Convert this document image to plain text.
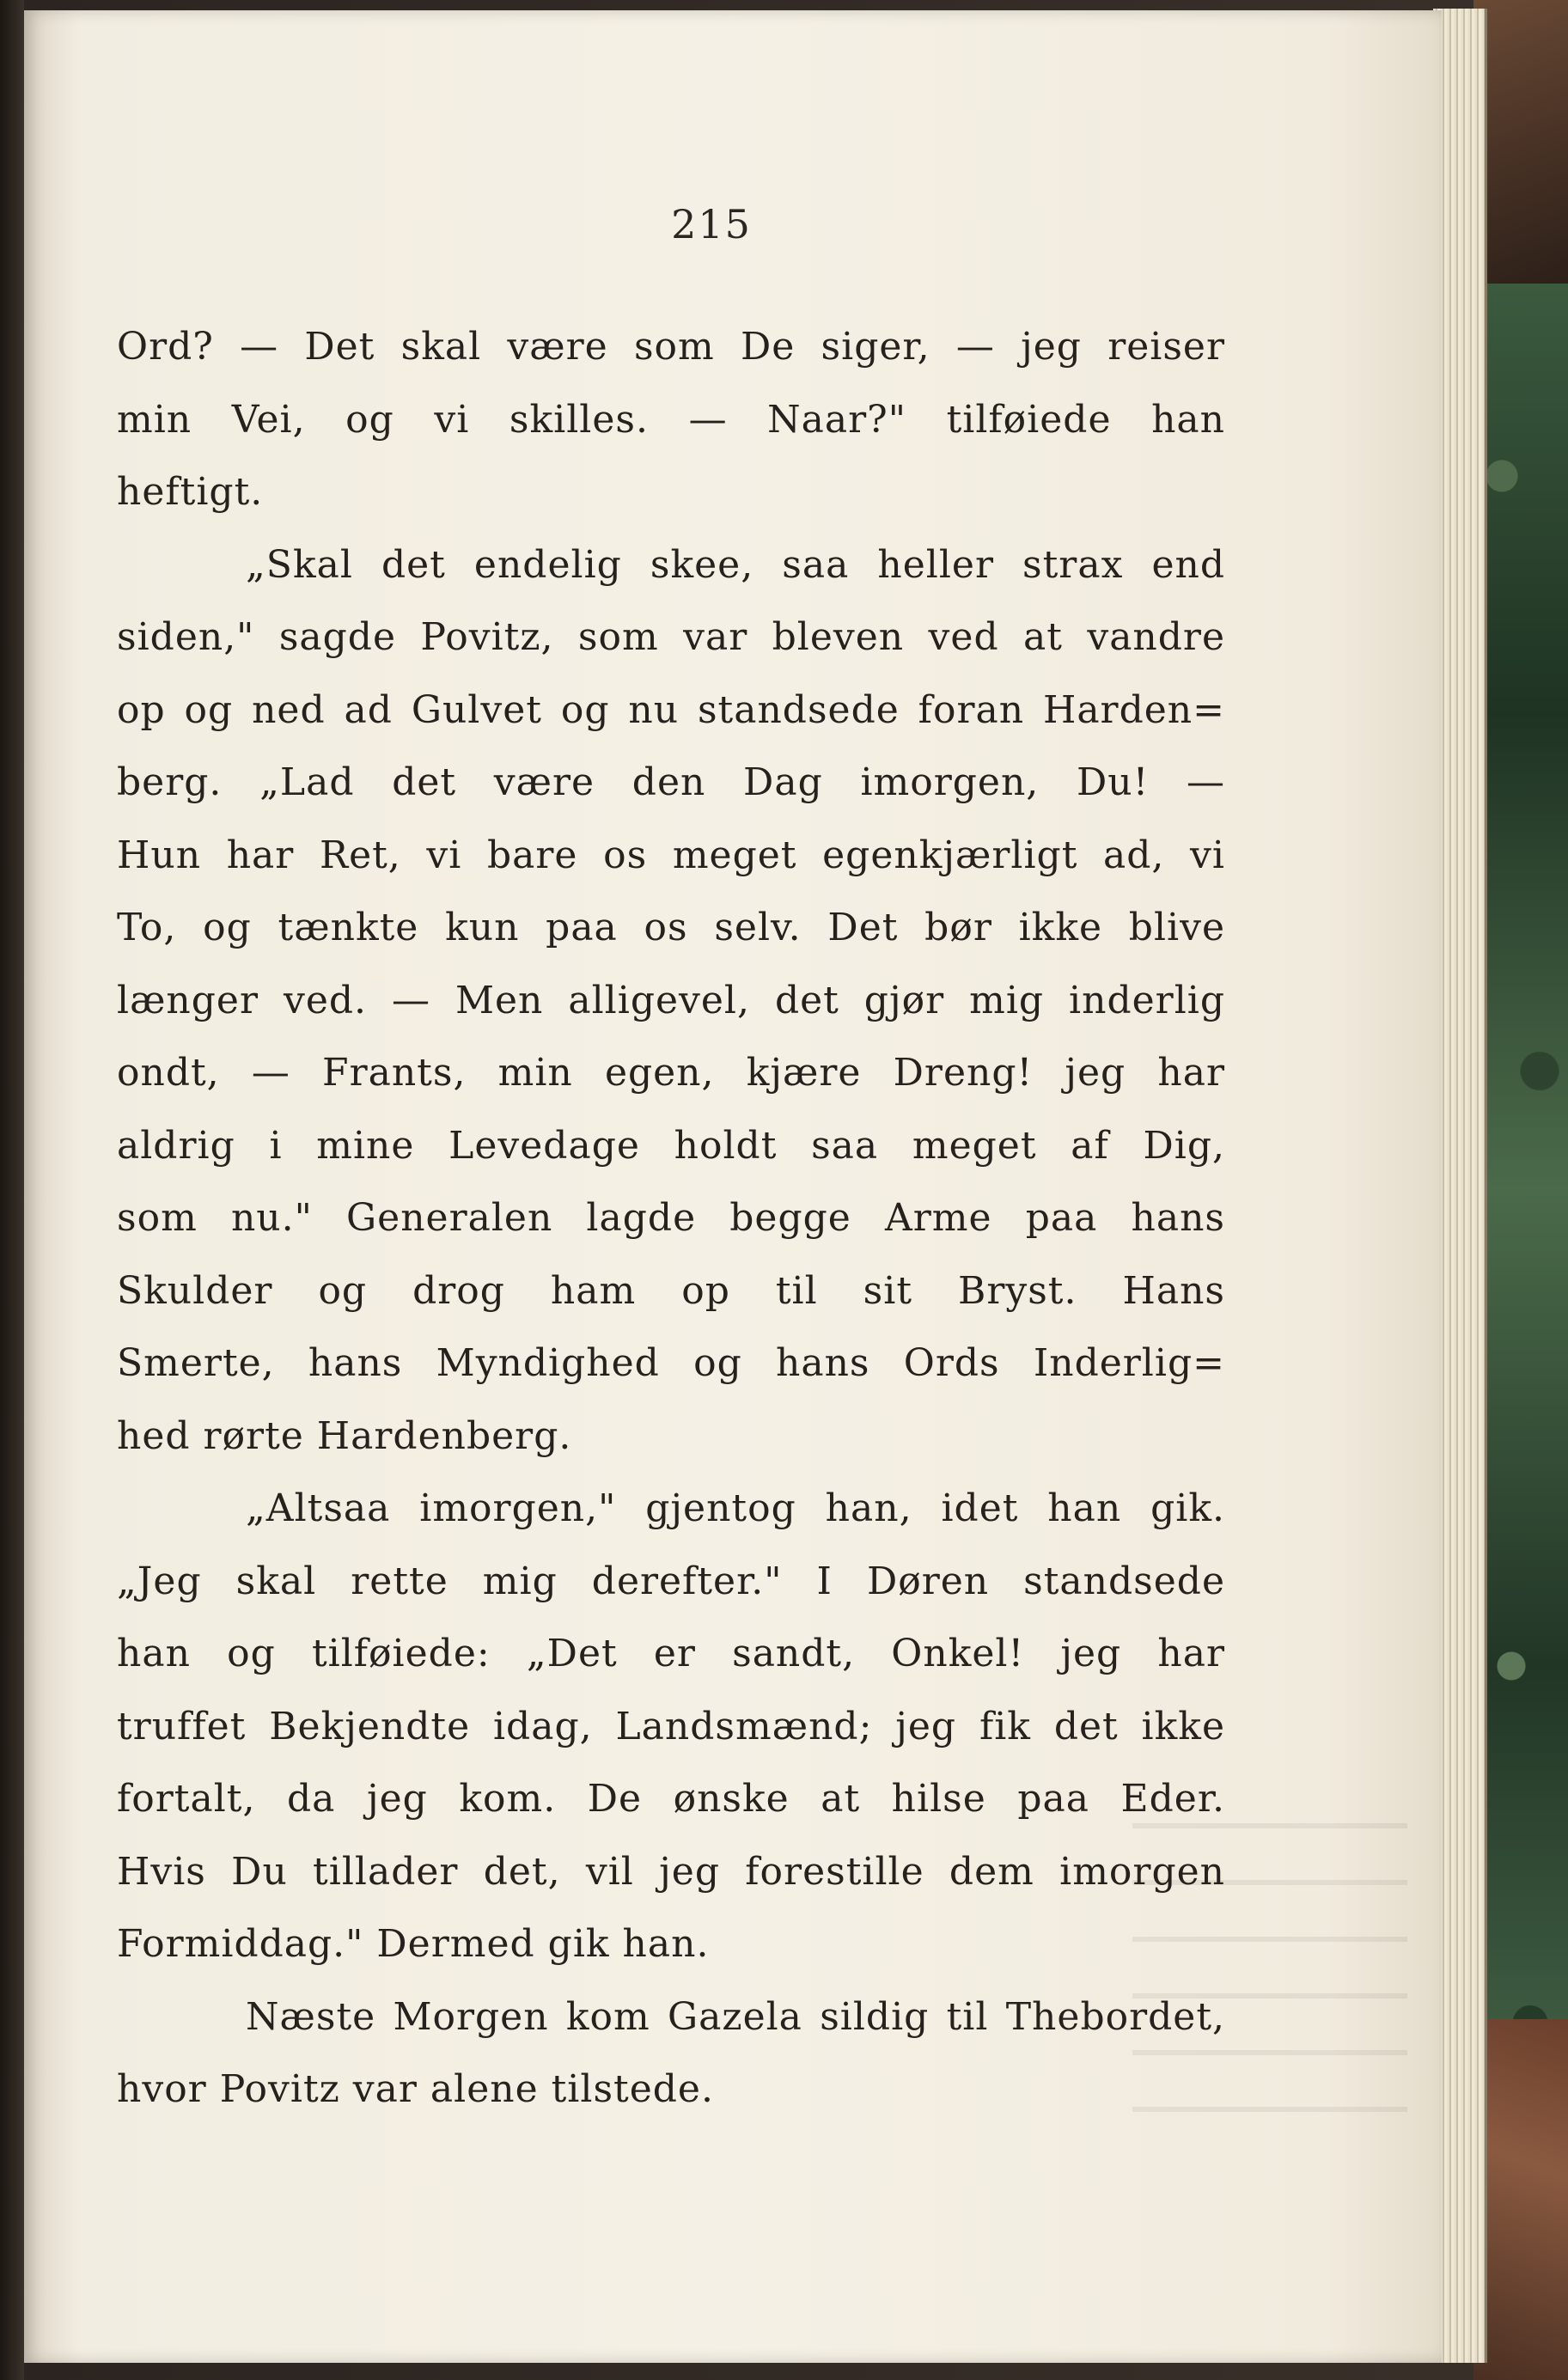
215
Ord? — Det skal være som De siger, — jeg reiser
min Vei, og vi skilles. — Naar?" tilføiede han
heftigt.
„Skal det endelig skee, saa heller strax end
siden," sagde Povitz, som var bleven ved at vandre
op og ned ad Gulvet og nu standsede foran Harden=
berg. „Lad det være den Dag imorgen, Du! —
Hun har Ret, vi bare os meget egenkjærligt ad, vi
To, og tænkte kun paa os selv. Det bør ikke blive
længer ved. — Men alligevel, det gjør mig inderlig
ondt, — Frants, min egen, kjære Dreng! jeg har
aldrig i mine Levedage holdt saa meget af Dig,
som nu." Generalen lagde begge Arme paa hans
Skulder og drog ham op til sit Bryst. Hans
Smerte, hans Myndighed og hans Ords Inderlig=
hed rørte Hardenberg.
„Altsaa imorgen," gjentog han, idet han gik.
„Jeg skal rette mig derefter." I Døren standsede
han og tilføiede: „Det er sandt, Onkel! jeg har
truffet Bekjendte idag, Landsmænd; jeg fik det ikke
fortalt, da jeg kom. De ønske at hilse paa Eder.
Hvis Du tillader det, vil jeg forestille dem imorgen
Formiddag." Dermed gik han.
Næste Morgen kom Gazela sildig til Thebordet,
hvor Povitz var alene tilstede.
